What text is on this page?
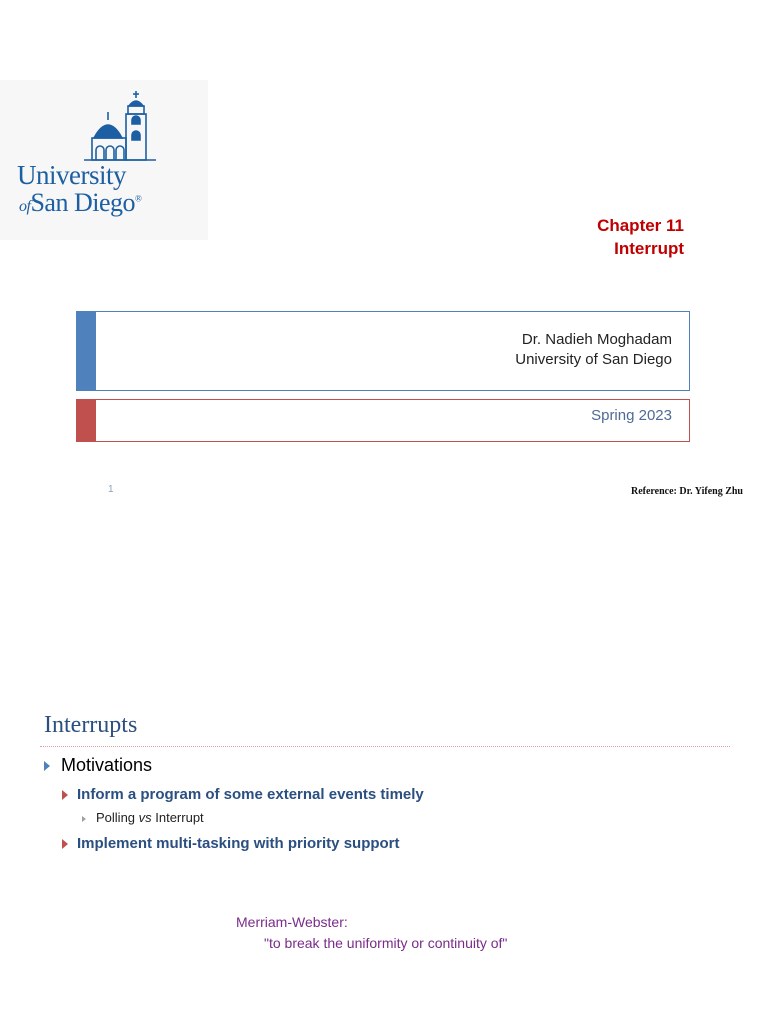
University
ofSan Diego®
Chapter 11
Interrupt
Dr. Nadieh Moghadam
University of San Diego
Spring 2023
1	Reference: Dr. Yifeng Zhu
Interrupts
Motivations
Inform a program of some external events timely
Polling vs Interrupt
Implement multi-tasking with priority support
Merriam-Webster:
"to break the uniformity or continuity of"
